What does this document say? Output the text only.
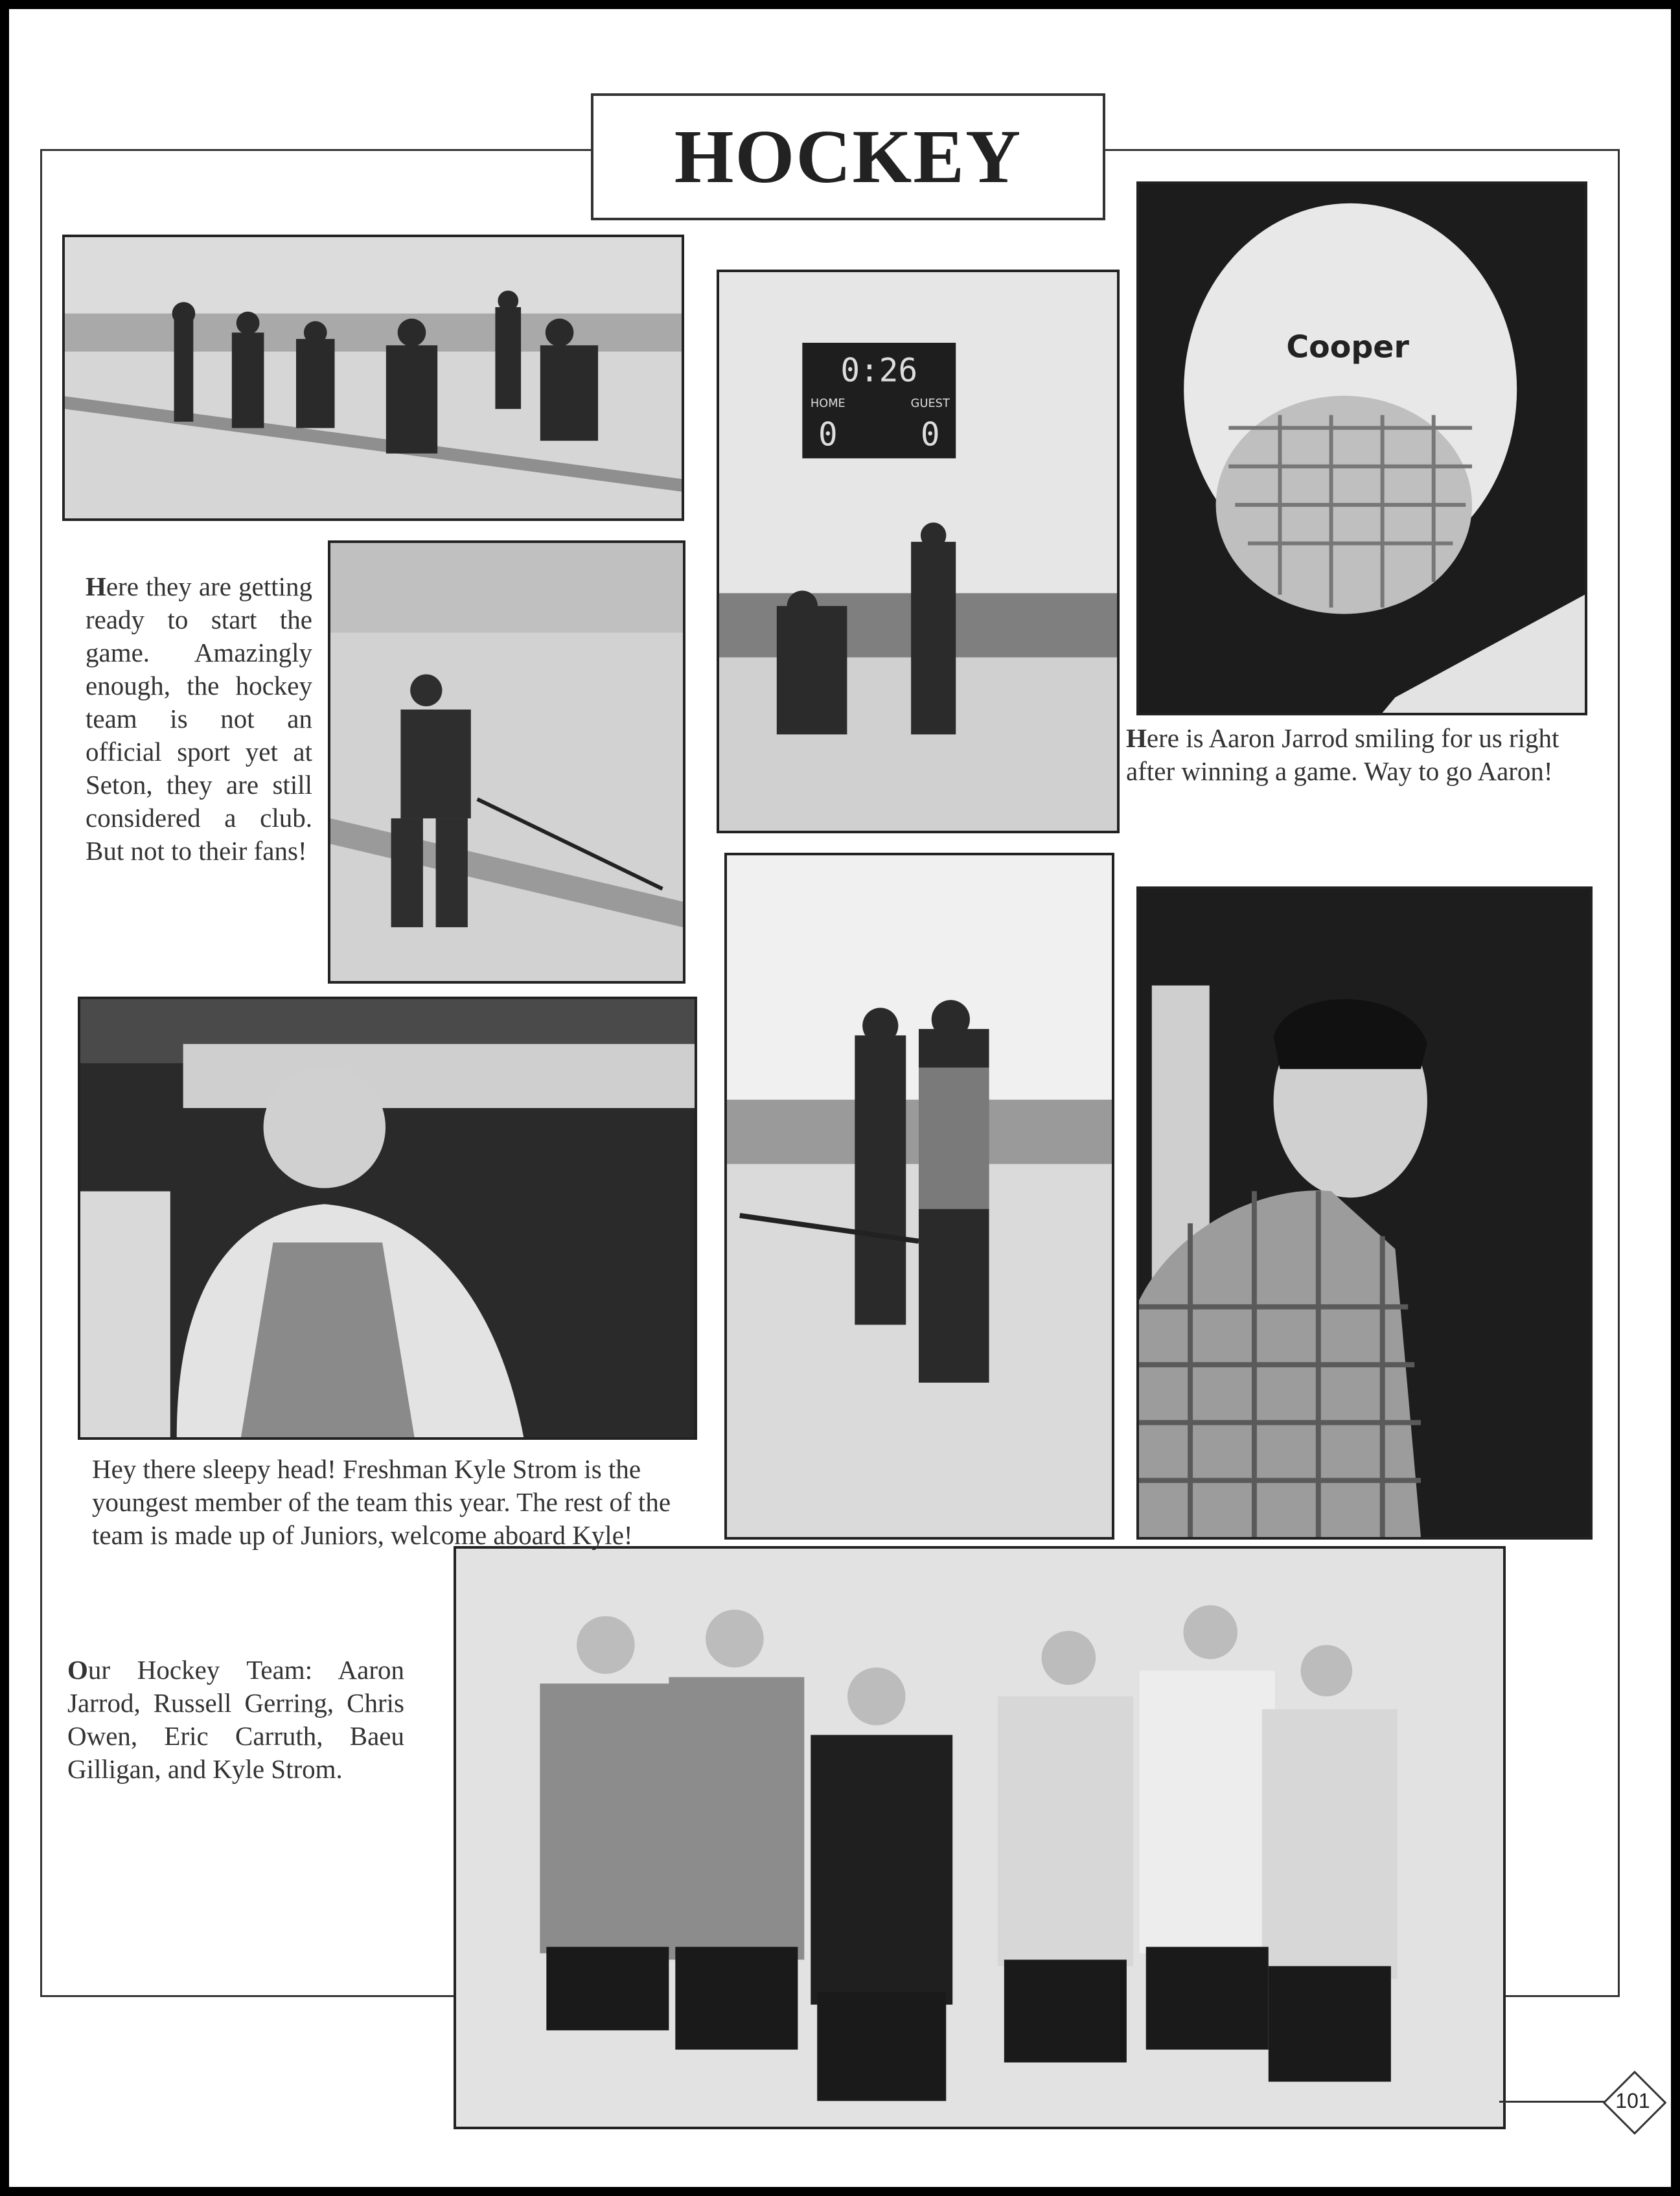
HOCKEY
0:26
HOME	GUEST
0	0
Cooper
Here they are getting ready to start the game. Amazingly enough, the hockey team is not an official sport yet at Seton, they are still considered a club. But not to their fans!
Here is Aaron Jarrod smiling for us right after winning a game. Way to go Aaron!
Hey there sleepy head! Freshman Kyle Strom is the youngest member of the team this year. The rest of the team is made up of Juniors, welcome aboard Kyle!
Our Hockey Team: Aaron Jarrod, Russell Gerring, Chris Owen, Eric Carruth, Baeu Gilligan, and Kyle Strom.
101
